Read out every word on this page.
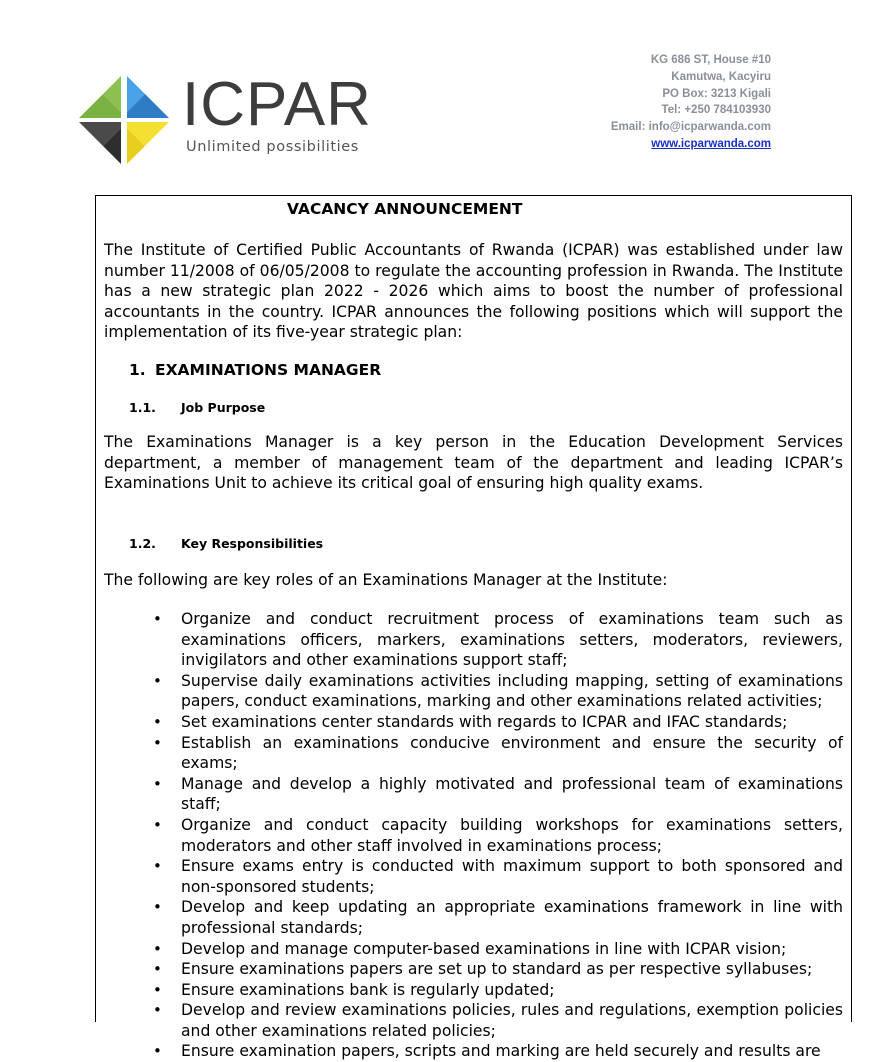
ICPAR
Unlimited possibilities
KG 686 ST, House #10
Kamutwa, Kacyiru
PO Box: 3213 Kigali
Tel: +250 784103930
Email: info@icparwanda.com
www.icparwanda.com
VACANCY ANNOUNCEMENT

The Institute of Certified Public Accountants of Rwanda (ICPAR) was established under law number 11/2008 of 06/05/2008 to regulate the accounting profession in Rwanda. The Institute has a new strategic plan 2022 - 2026 which aims to boost the number of professional accountants in the country. ICPAR announces the following positions which will support the implementation of its five-year strategic plan:

1. EXAMINATIONS MANAGER
1.1. Job Purpose

The Examinations Manager is a key person in the Education Development Services department, a member of management team of the department and leading ICPAR’s Examinations Unit to achieve its critical goal of ensuring high quality exams.

1.2. Key Responsibilities

The following are key roles of an Examinations Manager at the Institute:

• Organize and conduct recruitment process of examinations team such as examinations officers, markers, examinations setters, moderators, reviewers, invigilators and other examinations support staff;
• Supervise daily examinations activities including mapping, setting of examinations papers, conduct examinations, marking and other examinations related activities;
• Set examinations center standards with regards to ICPAR and IFAC standards;
• Establish an examinations conducive environment and ensure the security of exams;
• Manage and develop a highly motivated and professional team of examinations staff;
• Organize and conduct capacity building workshops for examinations setters, moderators and other staff involved in examinations process;
• Ensure exams entry is conducted with maximum support to both sponsored and non-sponsored students;
• Develop and keep updating an appropriate examinations framework in line with professional standards;
• Develop and manage computer-based examinations in line with ICPAR vision;
• Ensure examinations papers are set up to standard as per respective syllabuses;
• Ensure examinations bank is regularly updated;
• Develop and review examinations policies, rules and regulations, exemption policies and other examinations related policies;
• Ensure examination papers, scripts and marking are held securely and results are
